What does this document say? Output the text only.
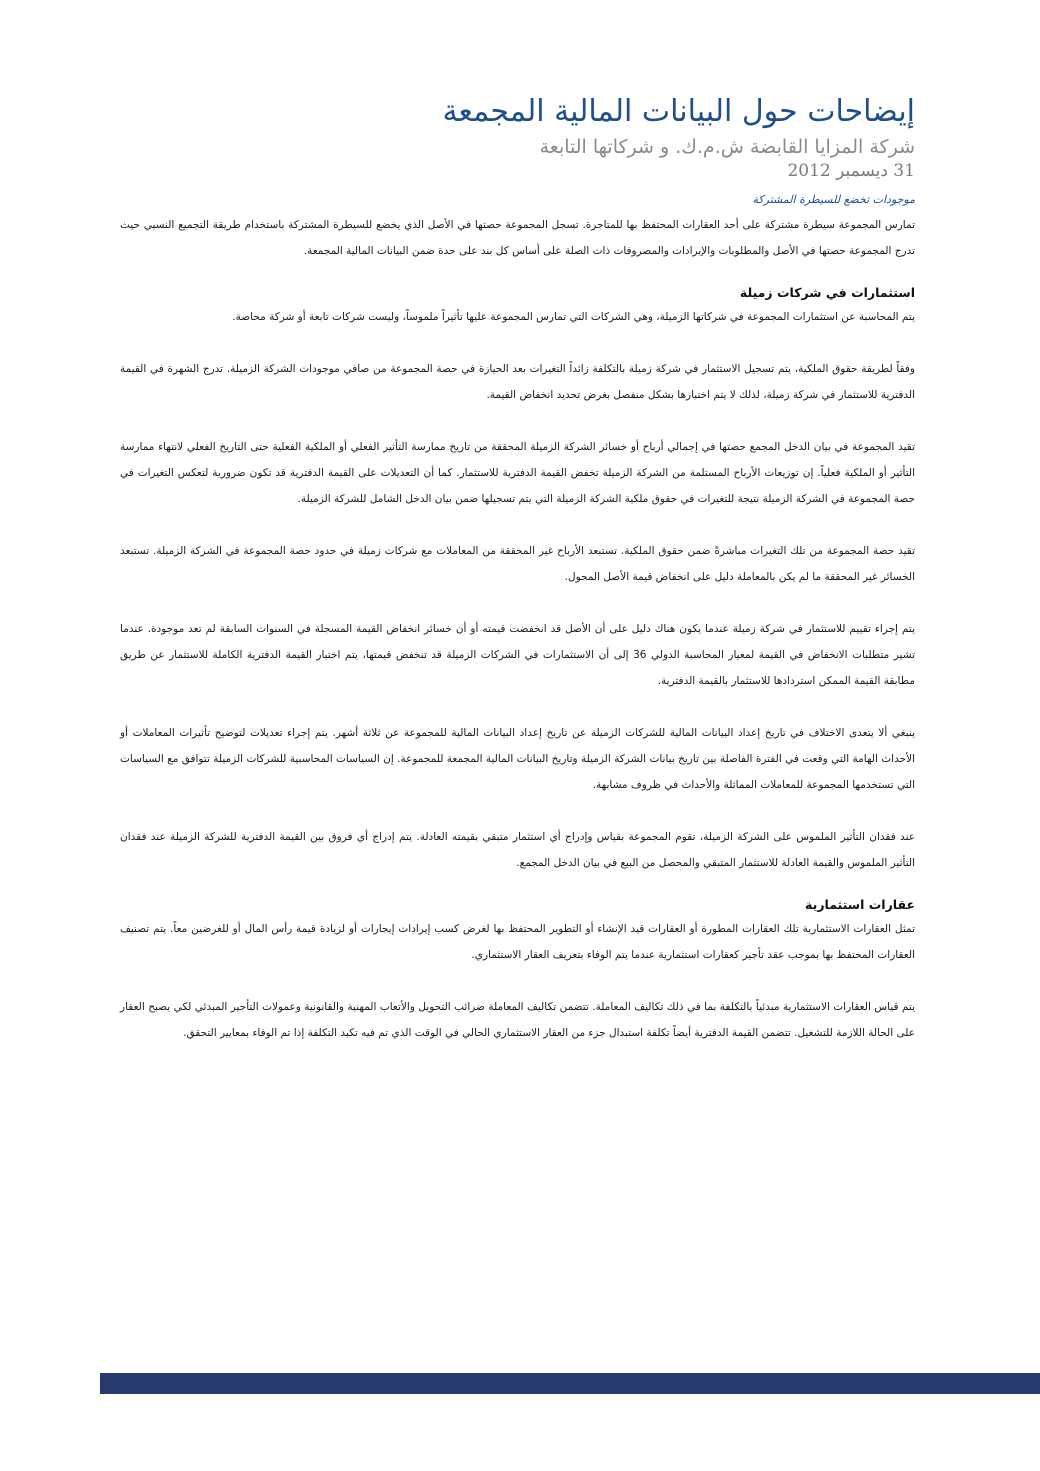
إيضاحات حول البيانات المالية المجمعة
شركة المزايا القابضة ش.م.ك. و شركاتها التابعة
31 ديسمبر 2012
موجودات تخضع للسيطرة المشتركة

تمارس المجموعة سيطرة مشتركة على أحد العقارات المحتفظ بها للمتاجرة. تسجل المجموعة حصتها في الأصل الذي يخضع للسيطرة المشتركة باستخدام طريقة التجميع النسبي حيث تدرج المجموعة حصتها في الأصل والمطلوبات والإيرادات والمصروفات ذات الصلة على أساس كل بند على حدة ضمن البيانات المالية المجمعة.

استثمارات في شركات زميلة

يتم المحاسبة عن استثمارات المجموعة في شركاتها الزميلة، وهي الشركات التي تمارس المجموعة عليها تأثيراً ملموساً، وليست شركات تابعة أو شركة محاصة.

وفقاً لطريقة حقوق الملكية، يتم تسجيل الاستثمار في شركة زميلة بالتكلفة زائداً التغيرات بعد الحيازة في حصة المجموعة من صافي موجودات الشركة الزميلة. تدرج الشهرة في القيمة الدفترية للاستثمار في شركة زميلة، لذلك لا يتم اختبارها بشكل منفصل بغرض تحديد انخفاض القيمة.

تقيد المجموعة في بيان الدخل المجمع حصتها في إجمالي أرباح أو خسائر الشركة الزميلة المحققة من تاريخ ممارسة التأثير الفعلي أو الملكية الفعلية حتى التاريخ الفعلي لانتهاء ممارسة التأثير أو الملكية فعلياً. إن توزيعات الأرباح المستلمة من الشركة الزميلة تخفض القيمة الدفترية للاستثمار. كما أن التعديلات على القيمة الدفترية قد تكون ضرورية لتعكس التغيرات في حصة المجموعة في الشركة الزميلة نتيجة للتغيرات في حقوق ملكية الشركة الزميلة التي يتم تسجيلها ضمن بيان الدخل الشامل للشركة الزميلة.

تقيد حصة المجموعة من تلك التغيرات مباشرةً ضمن حقوق الملكية. تستبعد الأرباح غير المحققة من المعاملات مع شركات زميلة في حدود حصة المجموعة في الشركة الزميلة. تستبعد الخسائر غير المحققة ما لم يكن بالمعاملة دليل على انخفاض قيمة الأصل المحول.

يتم إجراء تقييم للاستثمار في شركة زميلة عندما يكون هناك دليل على أن الأصل قد انخفضت قيمته أو أن خسائر انخفاض القيمة المسجلة في السنوات السابقة لم تعد موجودة. عندما تشير متطلبات الانخفاض في القيمة لمعيار المحاسبة الدولي 36 إلى أن الاستثمارات في الشركات الزميلة قد تنخفض قيمتها، يتم اختبار القيمة الدفترية الكاملة للاستثمار عن طريق مطابقة القيمة الممكن استردادها للاستثمار بالقيمة الدفترية.

ينبغي ألا يتعدى الاختلاف في تاريخ إعداد البيانات المالية للشركات الزميلة عن تاريخ إعداد البيانات المالية للمجموعة عن ثلاثة أشهر. يتم إجراء تعديلات لتوضيح تأثيرات المعاملات أو الأحداث الهامة التي وقعت في الفترة الفاصلة بين تاريخ بيانات الشركة الزميلة وتاريخ البيانات المالية المجمعة للمجموعة. إن السياسات المحاسبية للشركات الزميلة تتوافق مع السياسات التي تستخدمها المجموعة للمعاملات المماثلة والأحداث في ظروف مشابهة.

عند فقدان التأثير الملموس على الشركة الزميلة، تقوم المجموعة بقياس وإدراج أي استثمار متبقي بقيمته العادلة. يتم إدراج أي فروق بين القيمة الدفترية للشركة الزميلة عند فقدان التأثير الملموس والقيمة العادلة للاستثمار المتبقي والمحصل من البيع في بيان الدخل المجمع.

عقارات استثمارية

تمثل العقارات الاستثمارية تلك العقارات المطورة أو العقارات قيد الإنشاء أو التطوير المحتفظ بها لغرض كسب إيرادات إيجارات أو لزيادة قيمة رأس المال أو للغرضين معاً. يتم تصنيف العقارات المحتفظ بها بموجب عقد تأجير كعقارات استثمارية عندما يتم الوفاء بتعريف العقار الاستثماري.

يتم قياس العقارات الاستثمارية مبدئياً بالتكلفة بما في ذلك تكاليف المعاملة. تتضمن تكاليف المعاملة ضرائب التحويل والأتعاب المهنية والقانونية وعمولات التأجير المبدئي لكي يصبح العقار على الحالة اللازمة للتشغيل. تتضمن القيمة الدفترية أيضاً تكلفة استبدال جزء من العقار الاستثماري الحالي في الوقت الذي تم فيه تكبد التكلفة إذا تم الوفاء بمعايير التحقق.
